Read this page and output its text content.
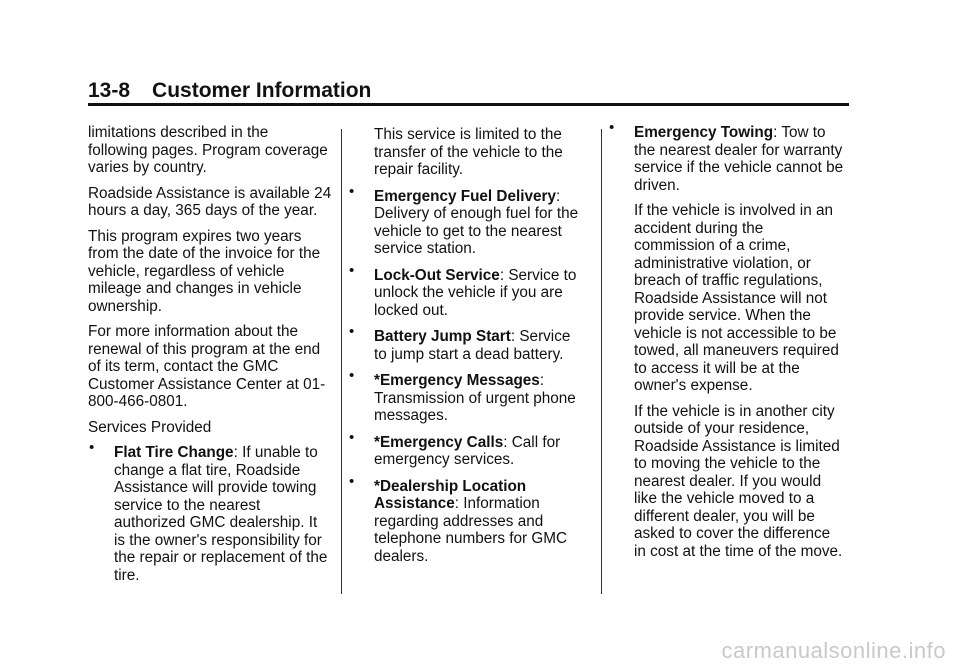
13-8 Customer Information

limitations described in the following pages. Program coverage varies by country.

Roadside Assistance is available 24 hours a day, 365 days of the year.

This program expires two years from the date of the invoice for the vehicle, regardless of vehicle mileage and changes in vehicle ownership.

For more information about the renewal of this program at the end of its term, contact the GMC Customer Assistance Center at 01-800-466-0801.

Services Provided

• Flat Tire Change: If unable to change a flat tire, Roadside Assistance will provide towing service to the nearest authorized GMC dealership. It is the owner's responsibility for the repair or replacement of the tire.

This service is limited to the transfer of the vehicle to the repair facility.

• Emergency Fuel Delivery: Delivery of enough fuel for the vehicle to get to the nearest service station.

• Lock-Out Service: Service to unlock the vehicle if you are locked out.

• Battery Jump Start: Service to jump start a dead battery.

• *Emergency Messages: Transmission of urgent phone messages.

• *Emergency Calls: Call for emergency services.

• *Dealership Location Assistance: Information regarding addresses and telephone numbers for GMC dealers.

• Emergency Towing: Tow to the nearest dealer for warranty service if the vehicle cannot be driven.

If the vehicle is involved in an accident during the commission of a crime, administrative violation, or breach of traffic regulations, Roadside Assistance will not provide service. When the vehicle is not accessible to be towed, all maneuvers required to access it will be at the owner's expense.

If the vehicle is in another city outside of your residence, Roadside Assistance is limited to moving the vehicle to the nearest dealer. If you would like the vehicle moved to a different dealer, you will be asked to cover the difference in cost at the time of the move.

carmanualsonline.info
